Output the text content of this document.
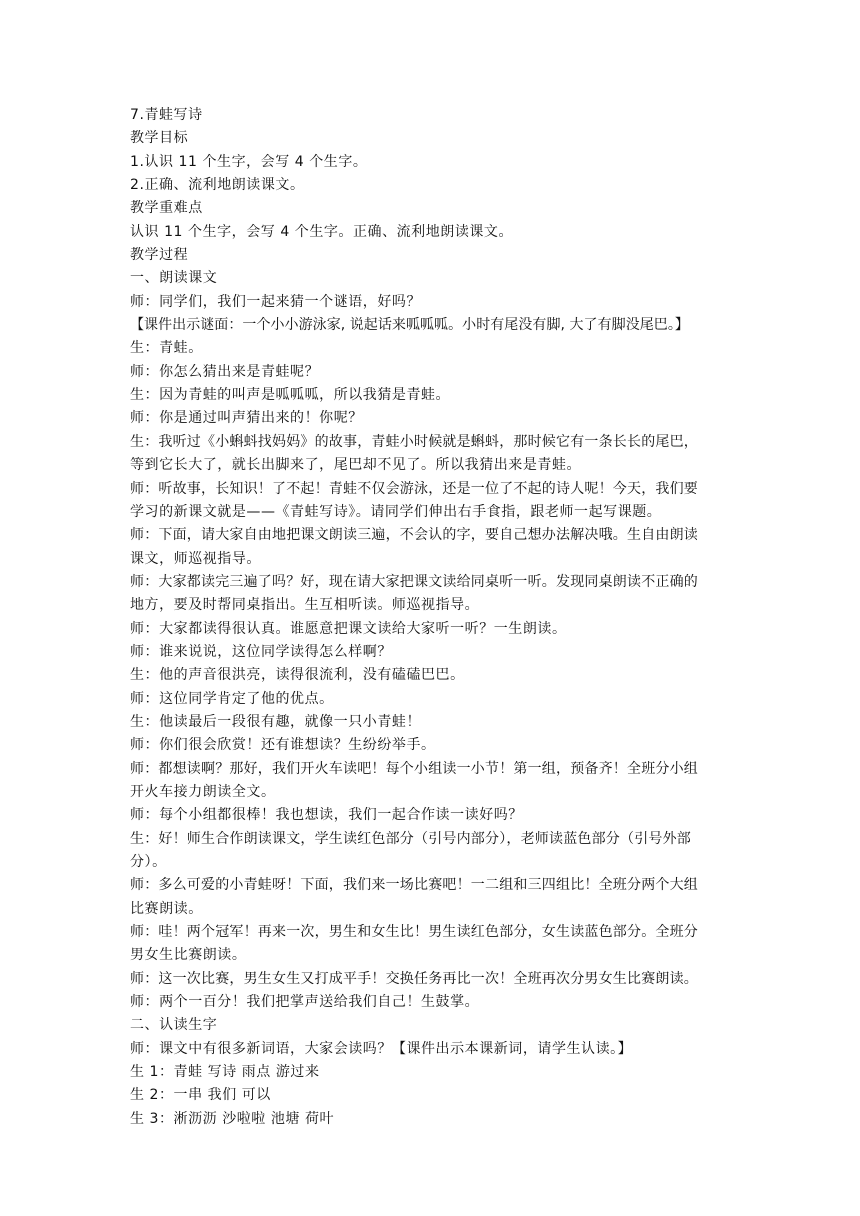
7.青蛙写诗
教学目标
1.认识 11 个生字，会写 4 个生字。
2.正确、流利地朗读课文。
教学重难点
认识 11 个生字，会写 4 个生字。正确、流利地朗读课文。
教学过程
一、朗读课文
师：同学们，我们一起来猜一个谜语，好吗？
【课件出示谜面：一个小小游泳家, 说起话来呱呱呱。小时有尾没有脚, 大了有脚没尾巴。】
生：青蛙。
师：你怎么猜出来是青蛙呢？
生：因为青蛙的叫声是呱呱呱，所以我猜是青蛙。
师：你是通过叫声猜出来的！你呢？
生：我听过《小蝌蚪找妈妈》的故事，青蛙小时候就是蝌蚪，那时候它有一条长长的尾巴，
等到它长大了，就长出脚来了，尾巴却不见了。所以我猜出来是青蛙。
师：听故事，长知识！了不起！青蛙不仅会游泳，还是一位了不起的诗人呢！今天，我们要
学习的新课文就是——《青蛙写诗》。请同学们伸出右手食指，跟老师一起写课题。
师：下面，请大家自由地把课文朗读三遍，不会认的字，要自己想办法解决哦。生自由朗读
课文，师巡视指导。
师：大家都读完三遍了吗？好，现在请大家把课文读给同桌听一听。发现同桌朗读不正确的
地方，要及时帮同桌指出。生互相听读。师巡视指导。
师：大家都读得很认真。谁愿意把课文读给大家听一听？一生朗读。
师：谁来说说，这位同学读得怎么样啊？
生：他的声音很洪亮，读得很流利，没有磕磕巴巴。
师：这位同学肯定了他的优点。
生：他读最后一段很有趣，就像一只小青蛙！
师：你们很会欣赏！还有谁想读？生纷纷举手。
师：都想读啊？那好，我们开火车读吧！每个小组读一小节！第一组，预备齐！全班分小组
开火车接力朗读全文。
师：每个小组都很棒！我也想读，我们一起合作读一读好吗？
生：好！师生合作朗读课文，学生读红色部分（引号内部分），老师读蓝色部分（引号外部
分）。
师：多么可爱的小青蛙呀！下面，我们来一场比赛吧！一二组和三四组比！全班分两个大组
比赛朗读。
师：哇！两个冠军！再来一次，男生和女生比！男生读红色部分，女生读蓝色部分。全班分
男女生比赛朗读。
师：这一次比赛，男生女生又打成平手！交换任务再比一次！全班再次分男女生比赛朗读。
师：两个一百分！我们把掌声送给我们自己！生鼓掌。
二、认读生字
师：课文中有很多新词语，大家会读吗？【课件出示本课新词，请学生认读。】
生 1：青蛙 写诗 雨点 游过来
生 2：一串 我们 可以
生 3：淅沥沥 沙啦啦 池塘 荷叶
